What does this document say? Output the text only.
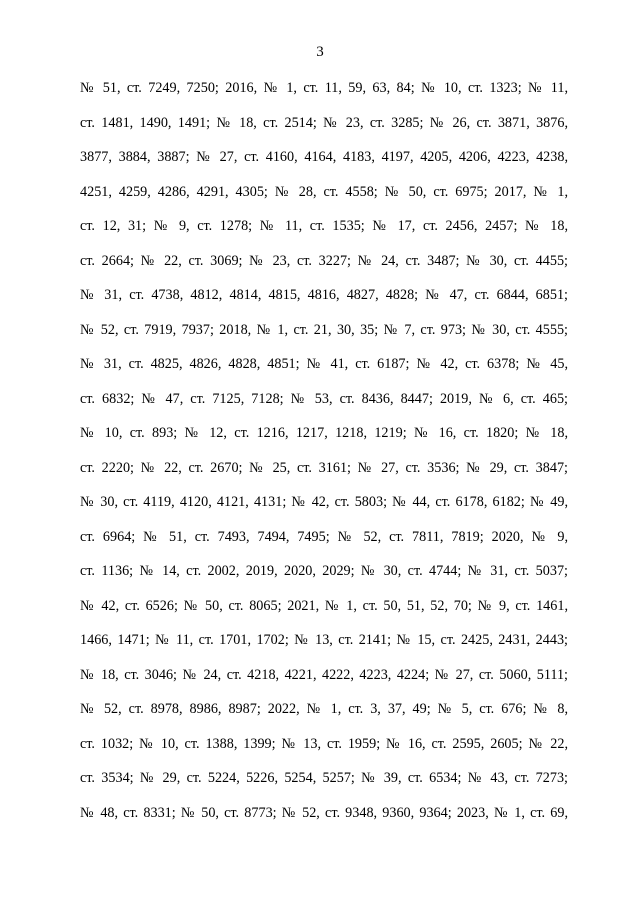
3
№ 51, ст. 7249, 7250; 2016, № 1, ст. 11, 59, 63, 84; № 10, ст. 1323; № 11,
ст. 1481, 1490, 1491; № 18, ст. 2514; № 23, ст. 3285; № 26, ст. 3871, 3876,
3877, 3884, 3887; № 27, ст. 4160, 4164, 4183, 4197, 4205, 4206, 4223, 4238,
4251, 4259, 4286, 4291, 4305; № 28, ст. 4558; № 50, ст. 6975; 2017, № 1,
ст. 12, 31; № 9, ст. 1278; № 11, ст. 1535; № 17, ст. 2456, 2457; № 18,
ст. 2664; № 22, ст. 3069; № 23, ст. 3227; № 24, ст. 3487; № 30, ст. 4455;
№ 31, ст. 4738, 4812, 4814, 4815, 4816, 4827, 4828; № 47, ст. 6844, 6851;
№ 52, ст. 7919, 7937; 2018, № 1, ст. 21, 30, 35; № 7, ст. 973; № 30, ст. 4555;
№ 31, ст. 4825, 4826, 4828, 4851; № 41, ст. 6187; № 42, ст. 6378; № 45,
ст. 6832; № 47, ст. 7125, 7128; № 53, ст. 8436, 8447; 2019, № 6, ст. 465;
№ 10, ст. 893; № 12, ст. 1216, 1217, 1218, 1219; № 16, ст. 1820; № 18,
ст. 2220; № 22, ст. 2670; № 25, ст. 3161; № 27, ст. 3536; № 29, ст. 3847;
№ 30, ст. 4119, 4120, 4121, 4131; № 42, ст. 5803; № 44, ст. 6178, 6182; № 49,
ст. 6964; № 51, ст. 7493, 7494, 7495; № 52, ст. 7811, 7819; 2020, № 9,
ст. 1136; № 14, ст. 2002, 2019, 2020, 2029; № 30, ст. 4744; № 31, ст. 5037;
№ 42, ст. 6526; № 50, ст. 8065; 2021, № 1, ст. 50, 51, 52, 70; № 9, ст. 1461,
1466, 1471; № 11, ст. 1701, 1702; № 13, ст. 2141; № 15, ст. 2425, 2431, 2443;
№ 18, ст. 3046; № 24, ст. 4218, 4221, 4222, 4223, 4224; № 27, ст. 5060, 5111;
№ 52, ст. 8978, 8986, 8987; 2022, № 1, ст. 3, 37, 49; № 5, ст. 676; № 8,
ст. 1032; № 10, ст. 1388, 1399; № 13, ст. 1959; № 16, ст. 2595, 2605; № 22,
ст. 3534; № 29, ст. 5224, 5226, 5254, 5257; № 39, ст. 6534; № 43, ст. 7273;
№ 48, ст. 8331; № 50, ст. 8773; № 52, ст. 9348, 9360, 9364; 2023, № 1, ст. 69,
